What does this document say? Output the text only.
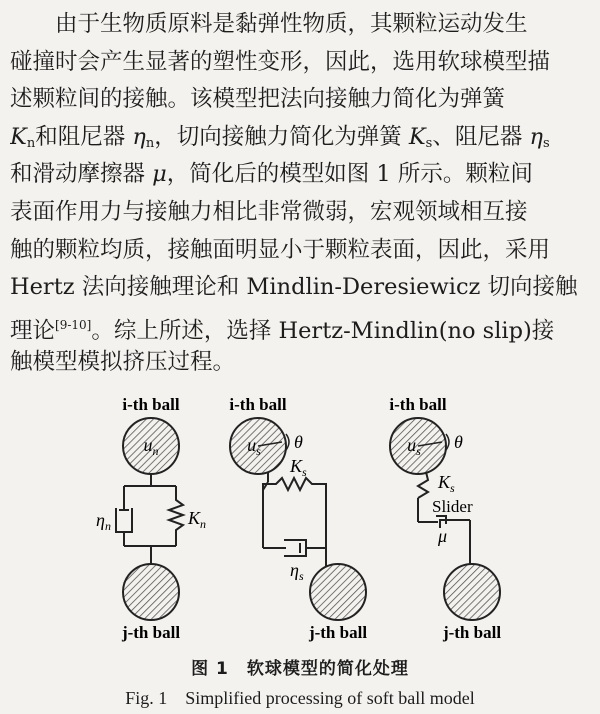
由于生物质原料是黏弹性物质，其颗粒运动发生
碰撞时会产生显著的塑性变形，因此，选用软球模型描
述颗粒间的接触。该模型把法向接触力简化为弹簧
$K_n$和阻尼器 $\eta_n$，切向接触力简化为弹簧 $K_s$、阻尼器 $\eta_s$
和滑动摩擦器 μ，简化后的模型如图 1 所示。颗粒间
表面作用力与接触力相比非常微弱，宏观领域相互接
触的颗粒均质，接触面明显小于颗粒表面，因此，采用
Hertz 法向接触理论和 Mindlin-Deresiewicz 切向接触
理论[9-10]。综上所述，选择 Hertz-Mindlin(no slip)接
触模型模拟挤压过程。
i-th ball
$u_n$
$\eta_n$	$K_n$
j-th ball
i-th ball
$u_s$ θ
$K_s$
$\eta_s$
j-th ball
i-th ball
$u_s$ θ
$K_s$
Slider
μ
j-th ball
图 1　软球模型的简化处理
Fig. 1　Simplified processing of soft ball model
